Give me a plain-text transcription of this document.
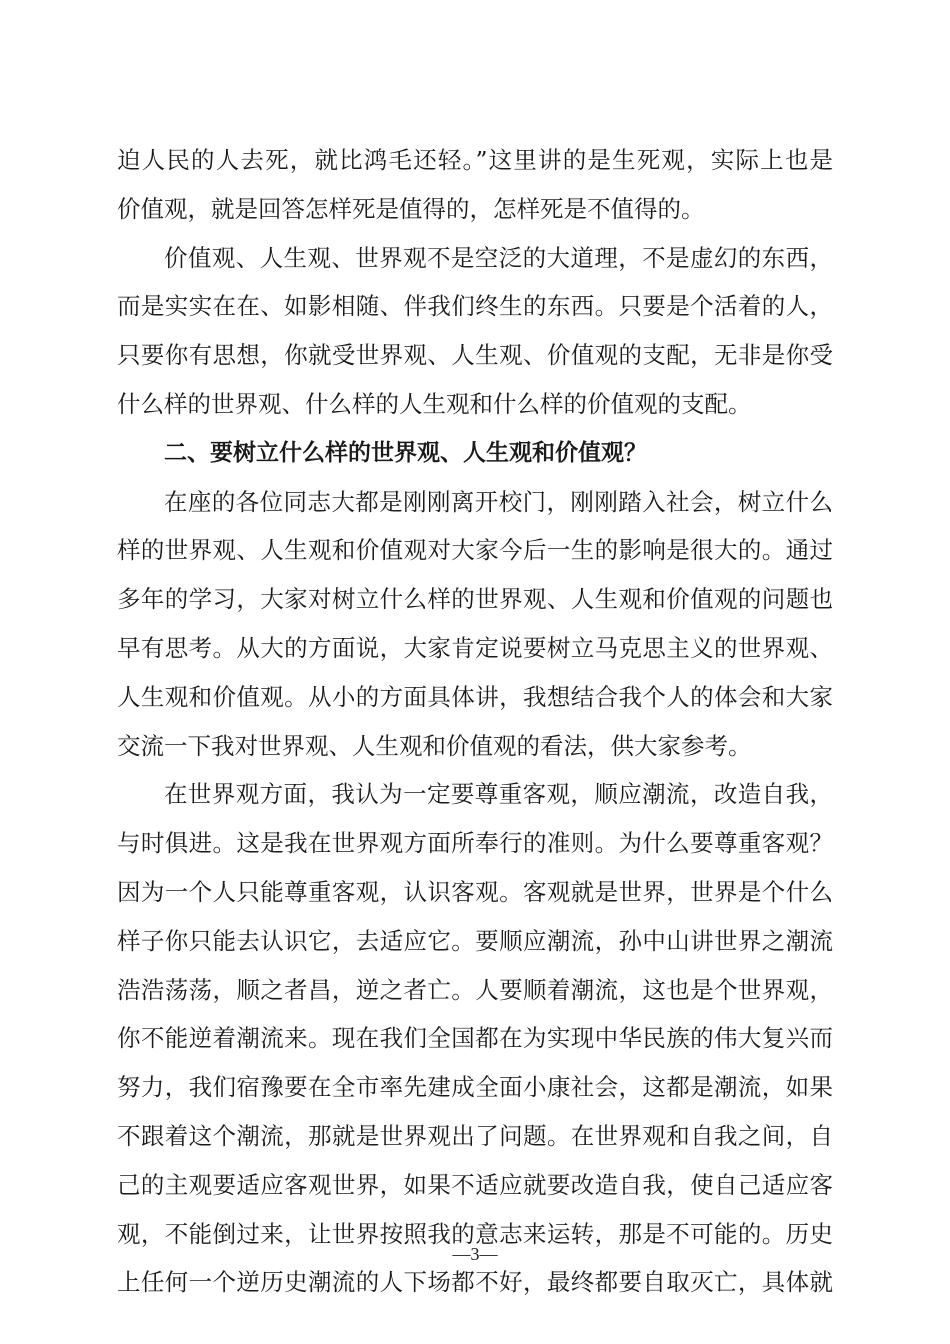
迫人民的人去死，就比鸿毛还轻。”这里讲的是生死观，实际上也是
价值观，就是回答怎样死是值得的，怎样死是不值得的。
价值观、人生观、世界观不是空泛的大道理，不是虚幻的东西，
而是实实在在、如影相随、伴我们终生的东西。只要是个活着的人，
只要你有思想，你就受世界观、人生观、价值观的支配，无非是你受
什么样的世界观、什么样的人生观和什么样的价值观的支配。
二、要树立什么样的世界观、人生观和价值观？
在座的各位同志大都是刚刚离开校门，刚刚踏入社会，树立什么
样的世界观、人生观和价值观对大家今后一生的影响是很大的。通过
多年的学习，大家对树立什么样的世界观、人生观和价值观的问题也
早有思考。从大的方面说，大家肯定说要树立马克思主义的世界观、
人生观和价值观。从小的方面具体讲，我想结合我个人的体会和大家
交流一下我对世界观、人生观和价值观的看法，供大家参考。
在世界观方面，我认为一定要尊重客观，顺应潮流，改造自我，
与时俱进。这是我在世界观方面所奉行的准则。为什么要尊重客观？
因为一个人只能尊重客观，认识客观。客观就是世界，世界是个什么
样子你只能去认识它，去适应它。要顺应潮流，孙中山讲世界之潮流
浩浩荡荡，顺之者昌，逆之者亡。人要顺着潮流，这也是个世界观，
你不能逆着潮流来。现在我们全国都在为实现中华民族的伟大复兴而
努力，我们宿豫要在全市率先建成全面小康社会，这都是潮流，如果
不跟着这个潮流，那就是世界观出了问题。在世界观和自我之间，自
己的主观要适应客观世界，如果不适应就要改造自我，使自己适应客
观，不能倒过来，让世界按照我的意志来运转，那是不可能的。历史
上任何一个逆历史潮流的人下场都不好，最终都要自取灭亡，具体就
—3—
